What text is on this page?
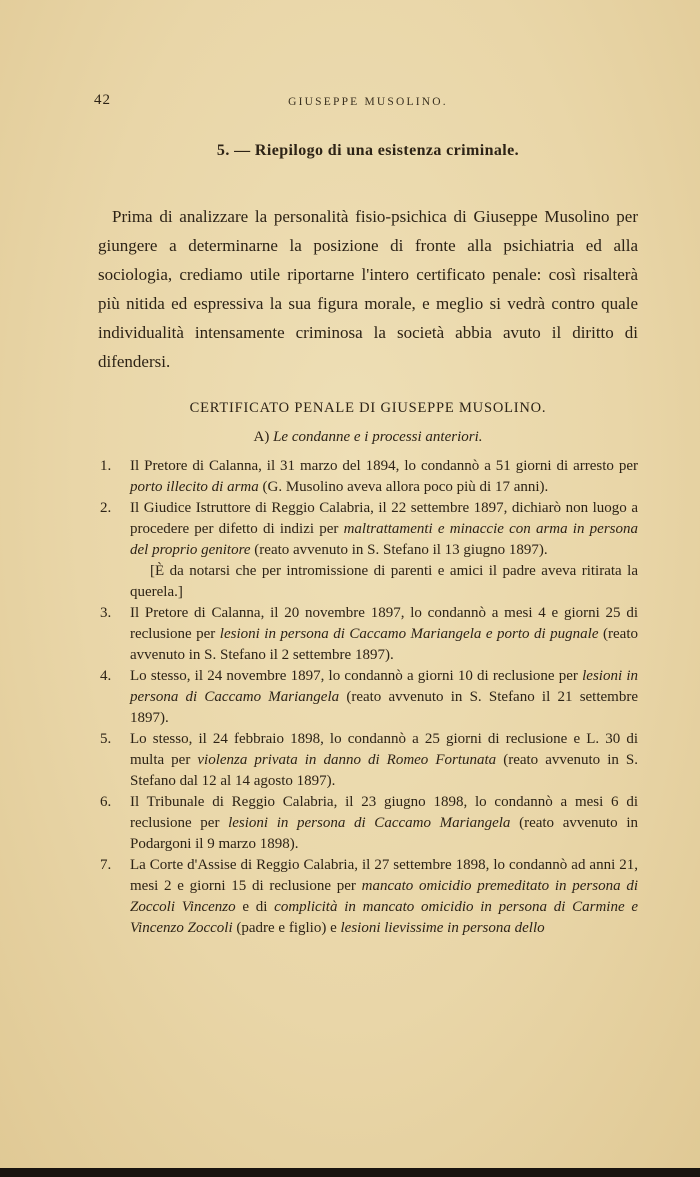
42	GIUSEPPE MUSOLINO.
5. — Riepilogo di una esistenza criminale.

Prima di analizzare la personalità fisio-psichica di Giuseppe Musolino per giungere a determinarne la posizione di fronte alla psichiatria ed alla sociologia, crediamo utile riportarne l'intero certificato penale: così risalterà più nitida ed espressiva la sua figura morale, e meglio si vedrà contro quale individualità intensamente criminosa la società abbia avuto il diritto di difendersi.

CERTIFICATO PENALE DI GIUSEPPE MUSOLINO.
A) Le condanne e i processi anteriori.
1. Il Pretore di Calanna, il 31 marzo del 1894, lo condannò a 51 giorni di arresto per porto illecito di arma (G. Musolino aveva allora poco più di 17 anni).
2. Il Giudice Istruttore di Reggio Calabria, il 22 settembre 1897, dichiarò non luogo a procedere per difetto di indizi per maltrattamenti e minaccie con arma in persona del proprio genitore (reato avvenuto in S. Stefano il 13 giugno 1897).
[È da notarsi che per intromissione di parenti e amici il padre aveva ritirata la querela.]
3. Il Pretore di Calanna, il 20 novembre 1897, lo condannò a mesi 4 e giorni 25 di reclusione per lesioni in persona di Caccamo Mariangela e porto di pugnale (reato avvenuto in S. Stefano il 2 settembre 1897).
4. Lo stesso, il 24 novembre 1897, lo condannò a giorni 10 di reclusione per lesioni in persona di Caccamo Mariangela (reato avvenuto in S. Stefano il 21 settembre 1897).
5. Lo stesso, il 24 febbraio 1898, lo condannò a 25 giorni di reclusione e L. 30 di multa per violenza privata in danno di Romeo Fortunata (reato avvenuto in S. Stefano dal 12 al 14 agosto 1897).
6. Il Tribunale di Reggio Calabria, il 23 giugno 1898, lo condannò a mesi 6 di reclusione per lesioni in persona di Caccamo Mariangela (reato avvenuto in Podargoni il 9 marzo 1898).
7. La Corte d'Assise di Reggio Calabria, il 27 settembre 1898, lo condannò ad anni 21, mesi 2 e giorni 15 di reclusione per mancato omicidio premeditato in persona di Zoccoli Vincenzo e di complicità in mancato omicidio in persona di Carmine e Vincenzo Zoccoli (padre e figlio) e lesioni lievissime in persona dello
